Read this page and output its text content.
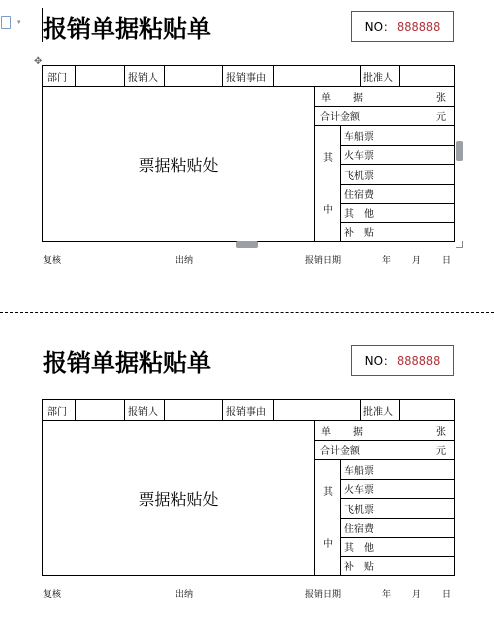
▾ 报销单据粘贴单	NO： 888888
✥
部门	报销人	报销事由	批准人
票据粘贴处
单 据	张
合计金额	元
其
中
车船票
火车票
飞机票
住宿费
其　他
补　贴
复核	出纳	报销日期	年 月 日
报销单据粘贴单	NO： 888888
部门	报销人	报销事由	批准人
票据粘贴处
单 据	张
合计金额	元
其
中
车船票
火车票
飞机票
住宿费
其　他
补　贴
复核	出纳	报销日期	年 月 日
